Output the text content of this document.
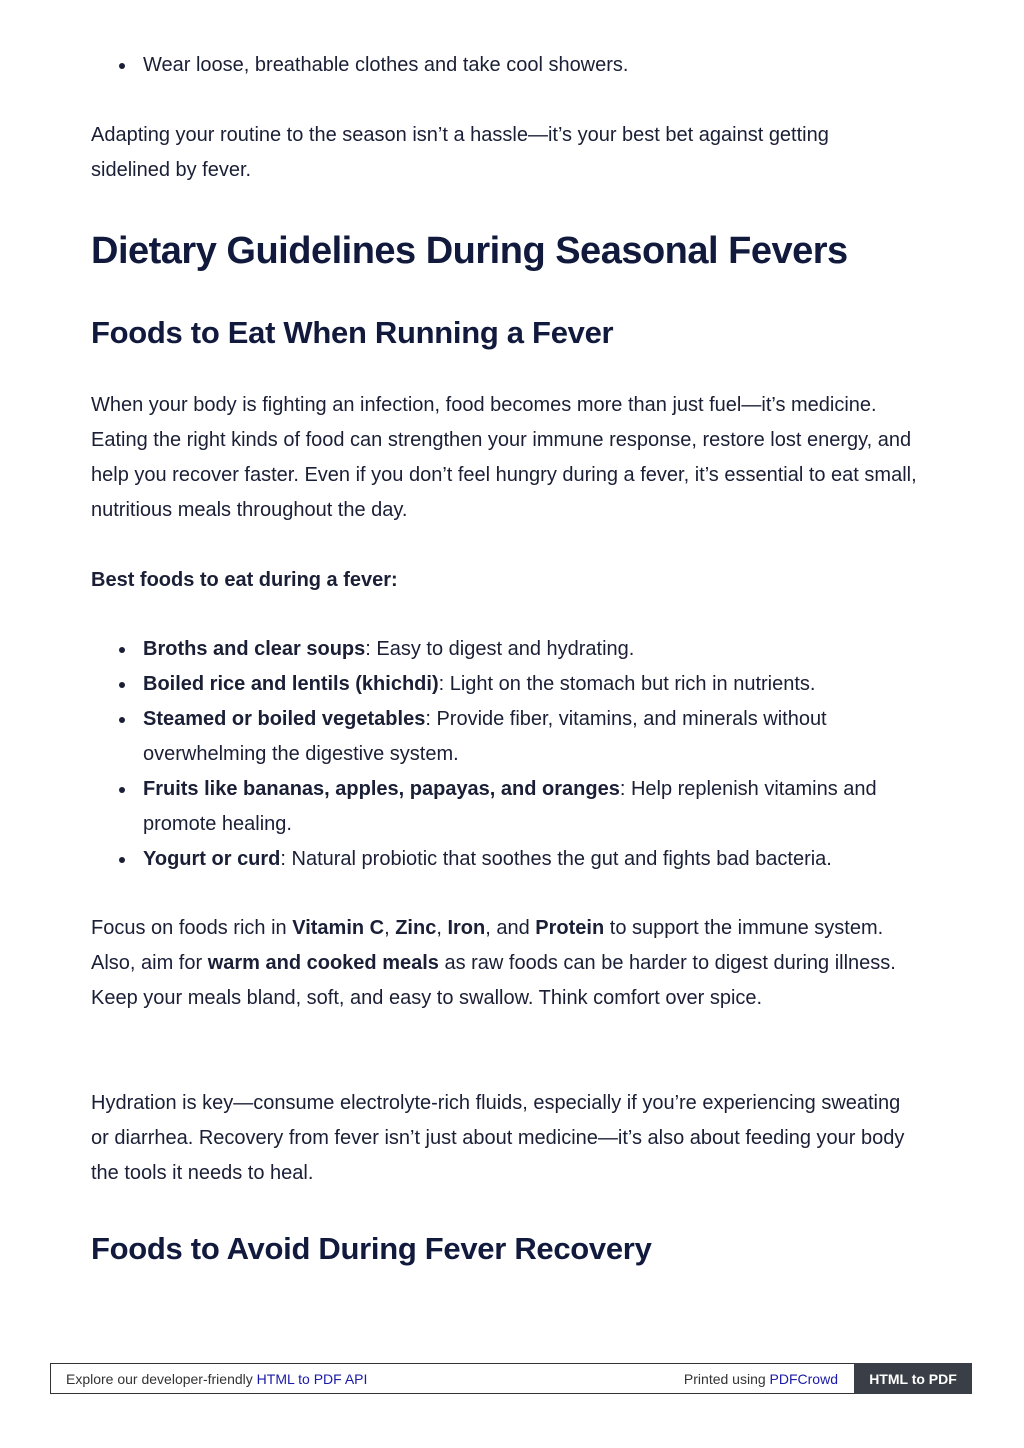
Wear loose, breathable clothes and take cool showers.

Adapting your routine to the season isn’t a hassle—it’s your best bet against getting sidelined by fever.

Dietary Guidelines During Seasonal Fevers
Foods to Eat When Running a Fever

When your body is fighting an infection, food becomes more than just fuel—it’s medicine. Eating the right kinds of food can strengthen your immune response, restore lost energy, and help you recover faster. Even if you don’t feel hungry during a fever, it’s essential to eat small, nutritious meals throughout the day.

Best foods to eat during a fever:

Broths and clear soups: Easy to digest and hydrating.
Boiled rice and lentils (khichdi): Light on the stomach but rich in nutrients.
Steamed or boiled vegetables: Provide fiber, vitamins, and minerals without overwhelming the digestive system.
Fruits like bananas, apples, papayas, and oranges: Help replenish vitamins and promote healing.
Yogurt or curd: Natural probiotic that soothes the gut and fights bad bacteria.

Focus on foods rich in Vitamin C, Zinc, Iron, and Protein to support the immune system. Also, aim for warm and cooked meals as raw foods can be harder to digest during illness. Keep your meals bland, soft, and easy to swallow. Think comfort over spice.

Hydration is key—consume electrolyte-rich fluids, especially if you’re experiencing sweating or diarrhea. Recovery from fever isn’t just about medicine—it’s also about feeding your body the tools it needs to heal.

Foods to Avoid During Fever Recovery
Explore our developer-friendly HTML to PDF API	Printed using PDFCrowd	HTML to PDF
